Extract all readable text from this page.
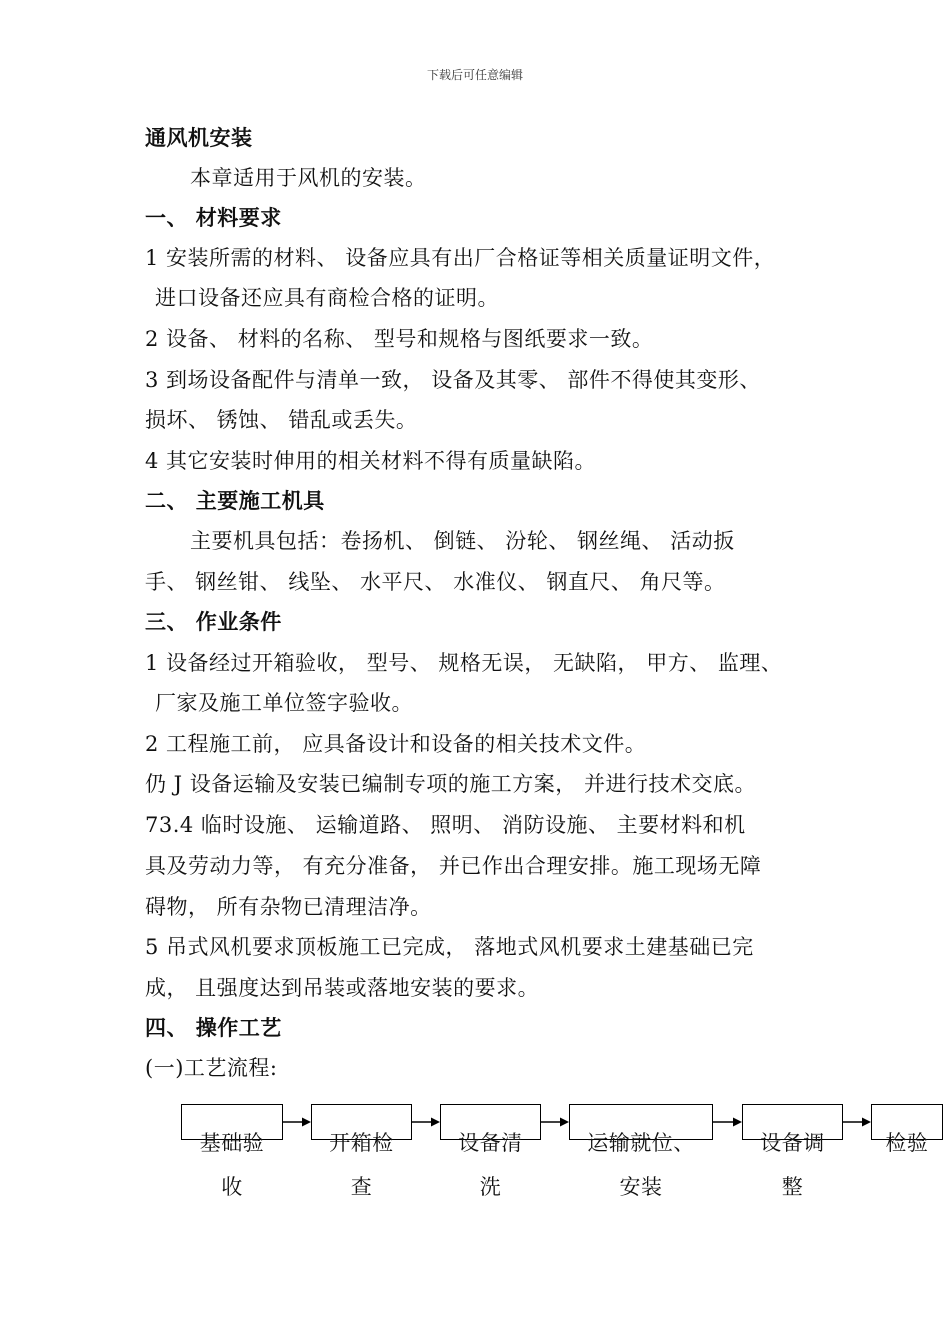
下载后可任意编辑
通风机安装
本章适用于风机的安装。
一、 材料要求
1 安装所需的材料、 设备应具有出厂合格证等相关质量证明文件，
进口设备还应具有商检合格的证明。
2 设备、 材料的名称、 型号和规格与图纸要求一致。
3 到场设备配件与清单一致， 设备及其零、 部件不得使其变形、
损坏、 锈蚀、 错乱或丢失。
4 其它安装时伸用的相关材料不得有质量缺陷。
二、 主要施工机具
主要机具包括：卷扬机、 倒链、 汾轮、 钢丝绳、 活动扳
手、 钢丝钳、 线坠、 水平尺、 水准仪、 钢直尺、 角尺等。
三、 作业条件
1 设备经过开箱验收， 型号、 规格无误， 无缺陷， 甲方、 监理、
厂家及施工单位签字验收。
2 工程施工前， 应具备设计和设备的相关技术文件。
仍 J 设备运输及安装已编制专项的施工方案， 并进行技术交底。
73.4 临时设施、 运输道路、 照明、 消防设施、 主要材料和机
具及劳动力等， 有充分准备， 并已作出合理安排。施工现场无障
碍物， 所有杂物已清理洁净。
5 吊式风机要求顶板施工已完成， 落地式风机要求土建基础已完
成， 且强度达到吊装或落地安装的要求。
四、 操作工艺
(一)工艺流程:
基础验
收
开箱检
查
设备清
洗
运输就位、
安装
设备调
整
检验
